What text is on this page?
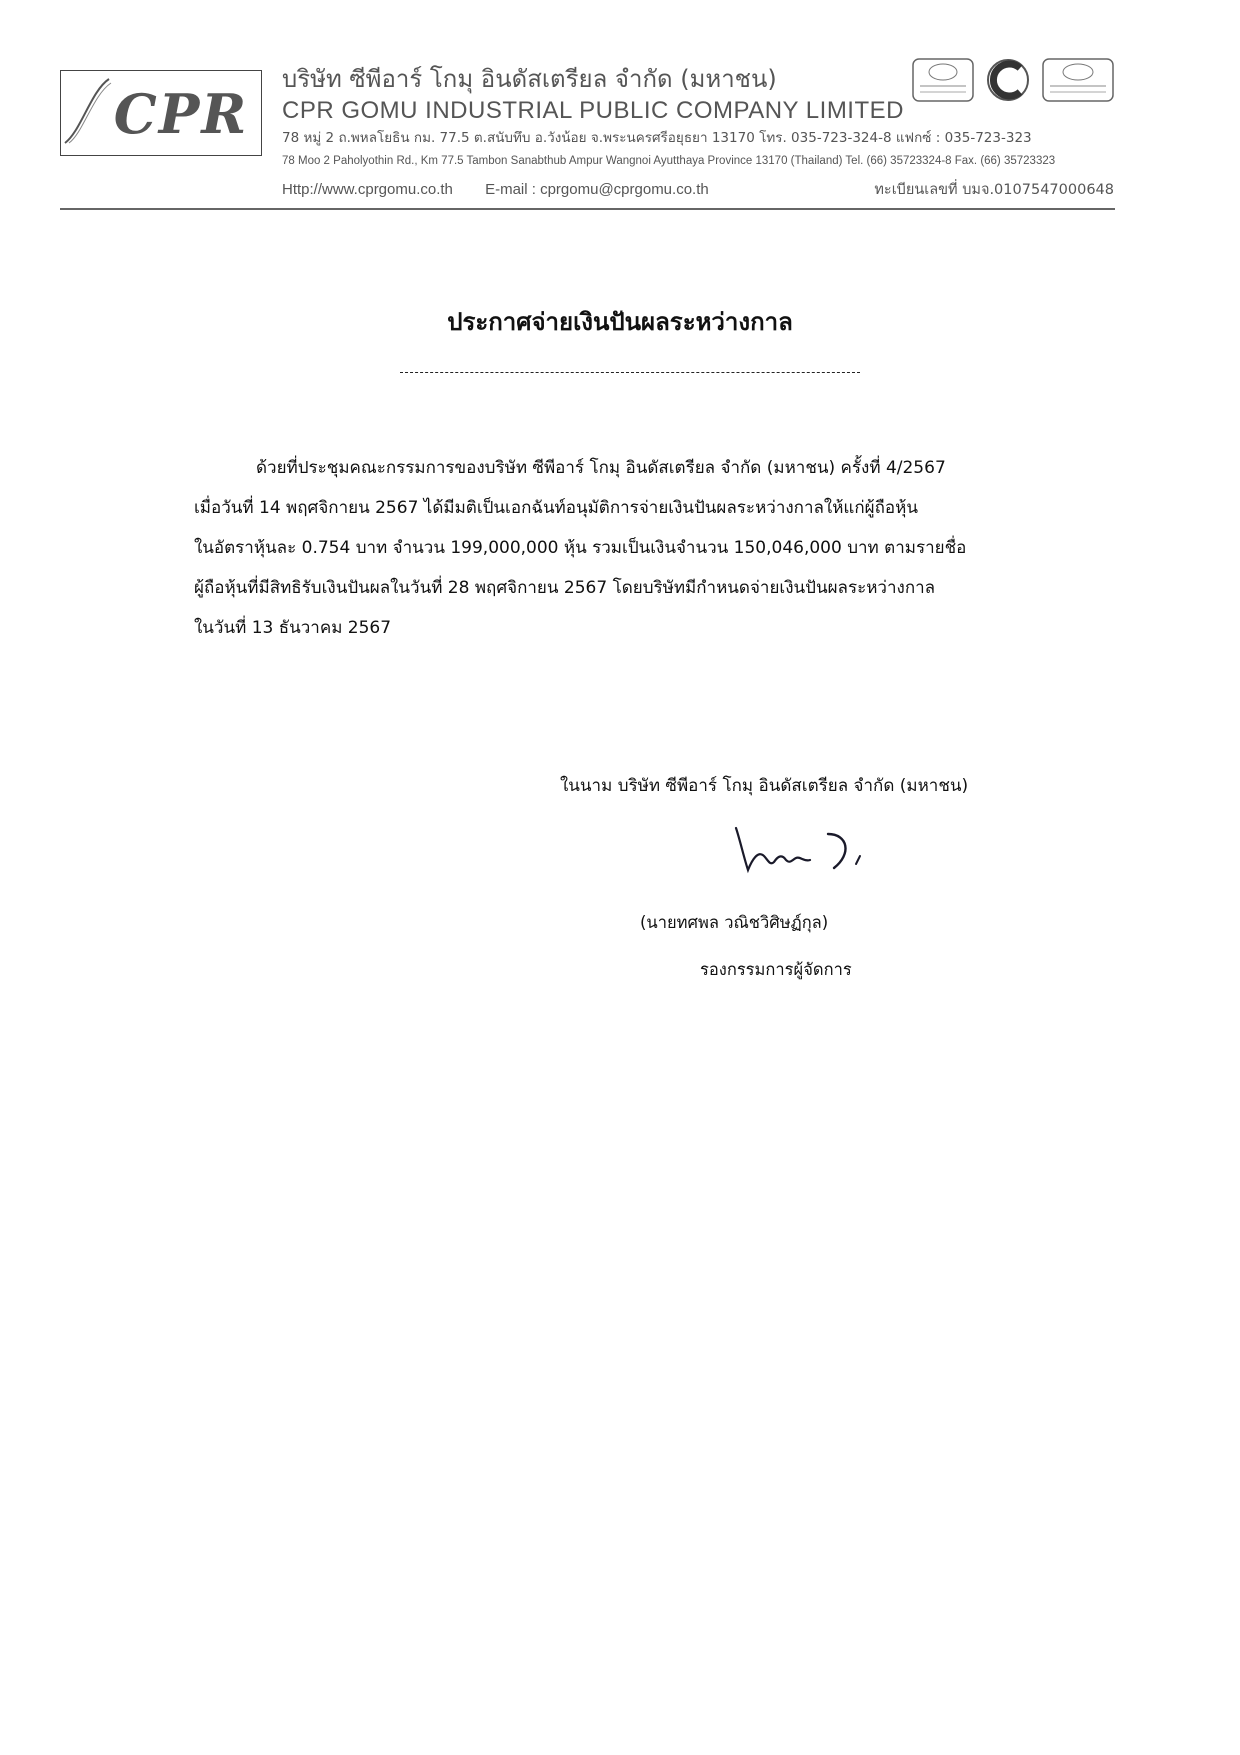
CPR
บริษัท ซีพีอาร์ โกมุ อินดัสเตรียล จำกัด (มหาชน)
CPR GOMU INDUSTRIAL PUBLIC COMPANY LIMITED
78 หมู่ 2 ถ.พหลโยธิน กม. 77.5 ต.สนับทึบ อ.วังน้อย จ.พระนครศรีอยุธยา 13170 โทร. 035-723-324-8 แฟกซ์ : 035-723-323
78 Moo 2 Paholyothin Rd., Km 77.5 Tambon Sanabthub Ampur Wangnoi Ayutthaya Province 13170 (Thailand) Tel. (66) 35723324-8 Fax. (66) 35723323
Http://www.cprgomu.co.th E-mail : cprgomu@cprgomu.co.th	ทะเบียนเลขที่ บมจ.0107547000648
ประกาศจ่ายเงินปันผลระหว่างกาล
ด้วยที่ประชุมคณะกรรมการของบริษัท ซีพีอาร์ โกมุ อินดัสเตรียล จำกัด (มหาชน) ครั้งที่ 4/2567
เมื่อวันที่ 14 พฤศจิกายน 2567 ได้มีมติเป็นเอกฉันท์อนุมัติการจ่ายเงินปันผลระหว่างกาลให้แก่ผู้ถือหุ้น
ในอัตราหุ้นละ 0.754 บาท จำนวน 199,000,000 หุ้น รวมเป็นเงินจำนวน 150,046,000 บาท ตามรายชื่อ
ผู้ถือหุ้นที่มีสิทธิรับเงินปันผลในวันที่ 28 พฤศจิกายน 2567 โดยบริษัทมีกำหนดจ่ายเงินปันผลระหว่างกาล
ในวันที่ 13 ธันวาคม 2567
ในนาม บริษัท ซีพีอาร์ โกมุ อินดัสเตรียล จำกัด (มหาชน)
(นายทศพล วณิชวิศิษฏ์กุล)
รองกรรมการผู้จัดการ
